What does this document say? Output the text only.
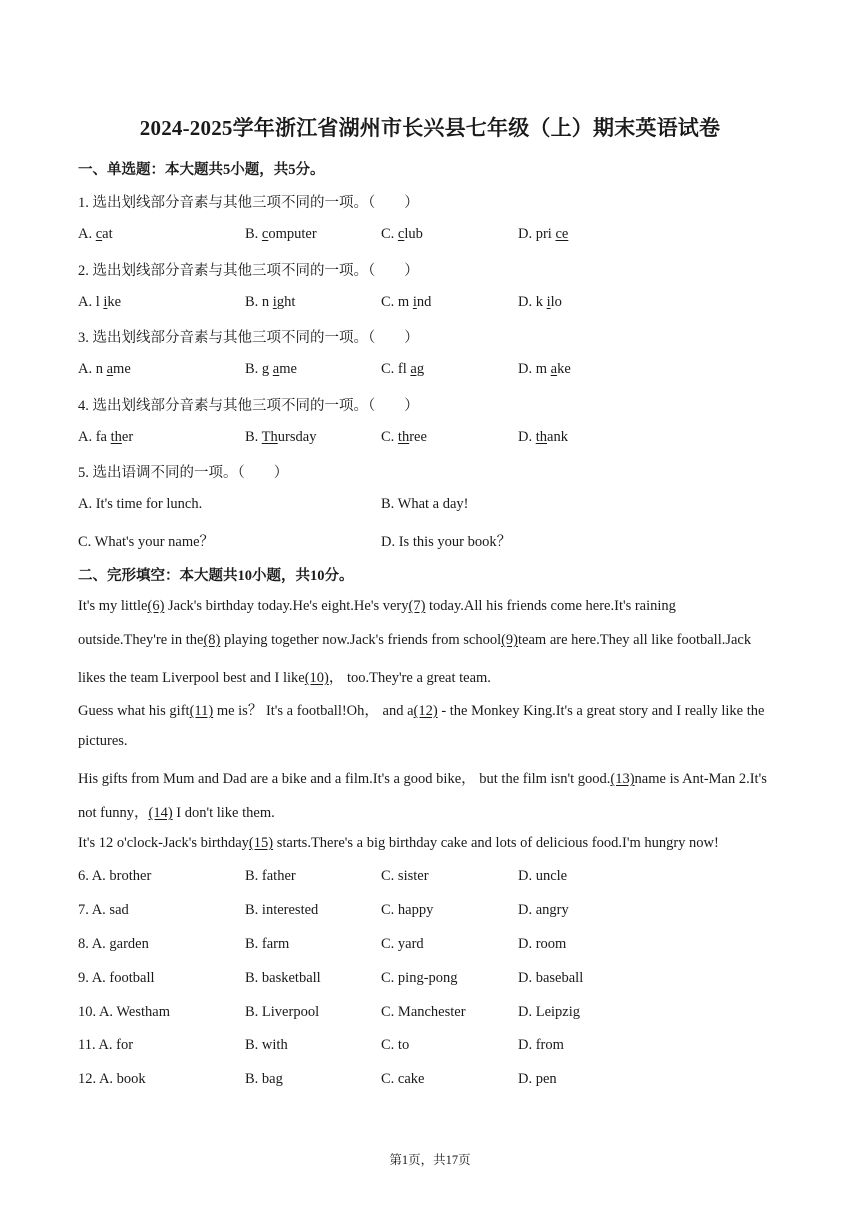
2024-2025学年浙江省湖州市长兴县七年级（上）期末英语试卷
一、单选题：本大题共5小题，共5分。
1. 选出划线部分音素与其他三项不同的一项。（　　）
A. cat	B. computer	C. club	D. pri ce
2. 选出划线部分音素与其他三项不同的一项。（　　）
A. l ike	B. n ight	C. m ind	D. k ilo
3. 选出划线部分音素与其他三项不同的一项。（　　）
A. n ame	B. g ame	C. fl ag	D. m ake
4. 选出划线部分音素与其他三项不同的一项。（　　）
A. fa ther	B. Thursday	C. three	D. thank
5. 选出语调不同的一项。（　　）
A. It's time for lunch.	B. What a day!
C. What's your name？	D. Is this your book？
二、完形填空：本大题共10小题，共10分。
It's my little(6) Jack's birthday today.He's eight.He's very(7) today.All his friends come here.It's raining
outside.They're in the(8) playing together now.Jack's friends from school(9)team are here.They all like football.Jack
likes the team Liverpool best and I like(10)， too.They're a great team.
Guess what his gift(11) me is？ It's a football!Oh， and a(12) - the Monkey King.It's a great story and I really like the
pictures.
His gifts from Mum and Dad are a bike and a film.It's a good bike， but the film isn't good.(13)name is Ant-Man 2.It's
not funny，(14) I don't like them.
It's 12 o'clock-Jack's birthday(15) starts.There's a big birthday cake and lots of delicious food.I'm hungry now!
6. A. brother	B. father	C. sister	D. uncle
7. A. sad	B. interested	C. happy	D. angry
8. A. garden	B. farm	C. yard	D. room
9. A. football	B. basketball	C. ping-pong	D. baseball
10. A. Westham	B. Liverpool	C. Manchester	D. Leipzig
11. A. for	B. with	C. to	D. from
12. A. book	B. bag	C. cake	D. pen
第1页，共17页
